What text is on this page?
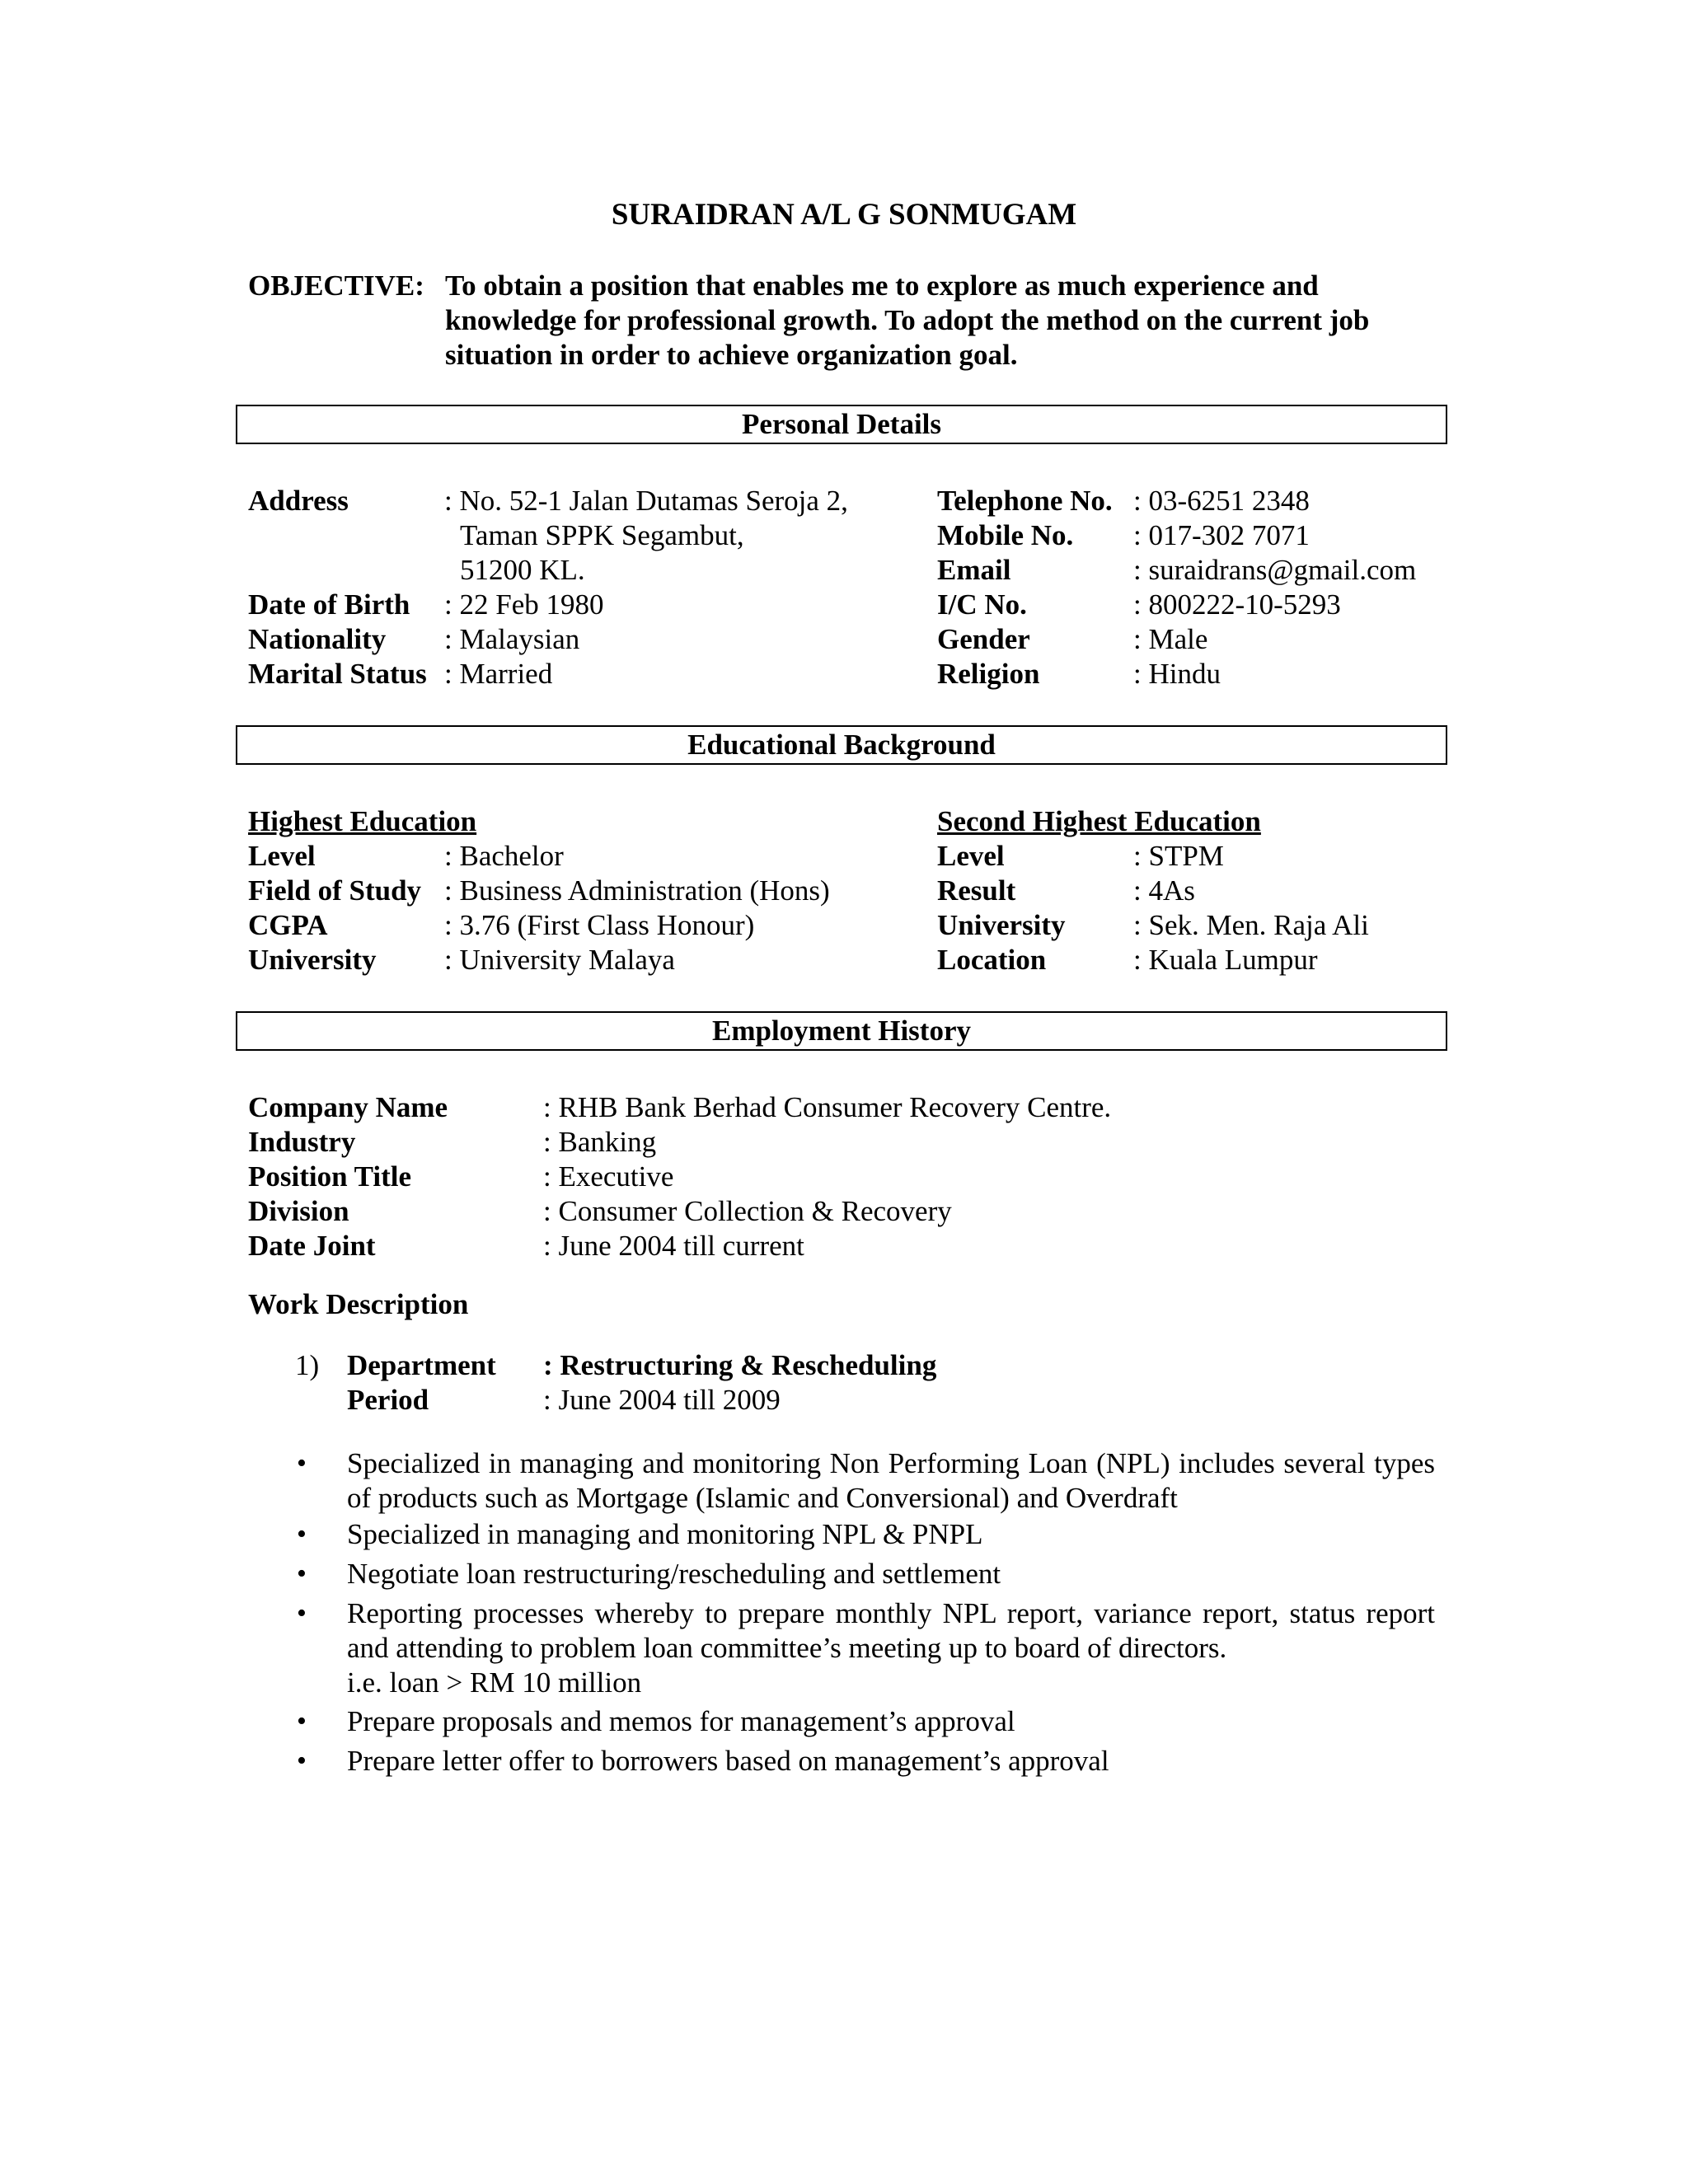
SURAIDRAN A/L G SONMUGAM
OBJECTIVE: To obtain a position that enables me to explore as much experience and
knowledge for professional growth. To adopt the method on the current job
situation in order to achieve organization goal.
Personal Details
Address	: No. 52-1 Jalan Dutamas Seroja 2,
Taman SPPK Segambut,
51200 KL.
Date of Birth : 22 Feb 1980
Nationality : Malaysian
Marital Status : Married
Telephone No. : 03-6251 2348
Mobile No. : 017-302 7071
Email	: suraidrans@gmail.com
I/C No.	: 800222-10-5293
Gender	: Male
Religion	: Hindu
Educational Background
Highest Education
Level	: Bachelor
Field of Study : Business Administration (Hons)
CGPA	: 3.76 (First Class Honour)
University : University Malaya
Second Highest Education
Level	: STPM
Result	: 4As
University : Sek. Men. Raja Ali
Location	: Kuala Lumpur
Employment History
Company Name	: RHB Bank Berhad Consumer Recovery Centre.
Industry	: Banking
Position Title	: Executive
Division	: Consumer Collection & Recovery
Date Joint	: June 2004 till current
Work Description
1) Department : Restructuring & Rescheduling
Period	: June 2004 till 2009
• Specialized in managing and monitoring Non Performing Loan (NPL) includes several types of products such as Mortgage (Islamic and Conversional) and Overdraft
• Specialized in managing and monitoring NPL & PNPL
• Negotiate loan restructuring/rescheduling and settlement
• Reporting processes whereby to prepare monthly NPL report, variance report, status report and attending to problem loan committee’s meeting up to board of directors.
i.e. loan > RM 10 million
• Prepare proposals and memos for management’s approval
• Prepare letter offer to borrowers based on management’s approval
